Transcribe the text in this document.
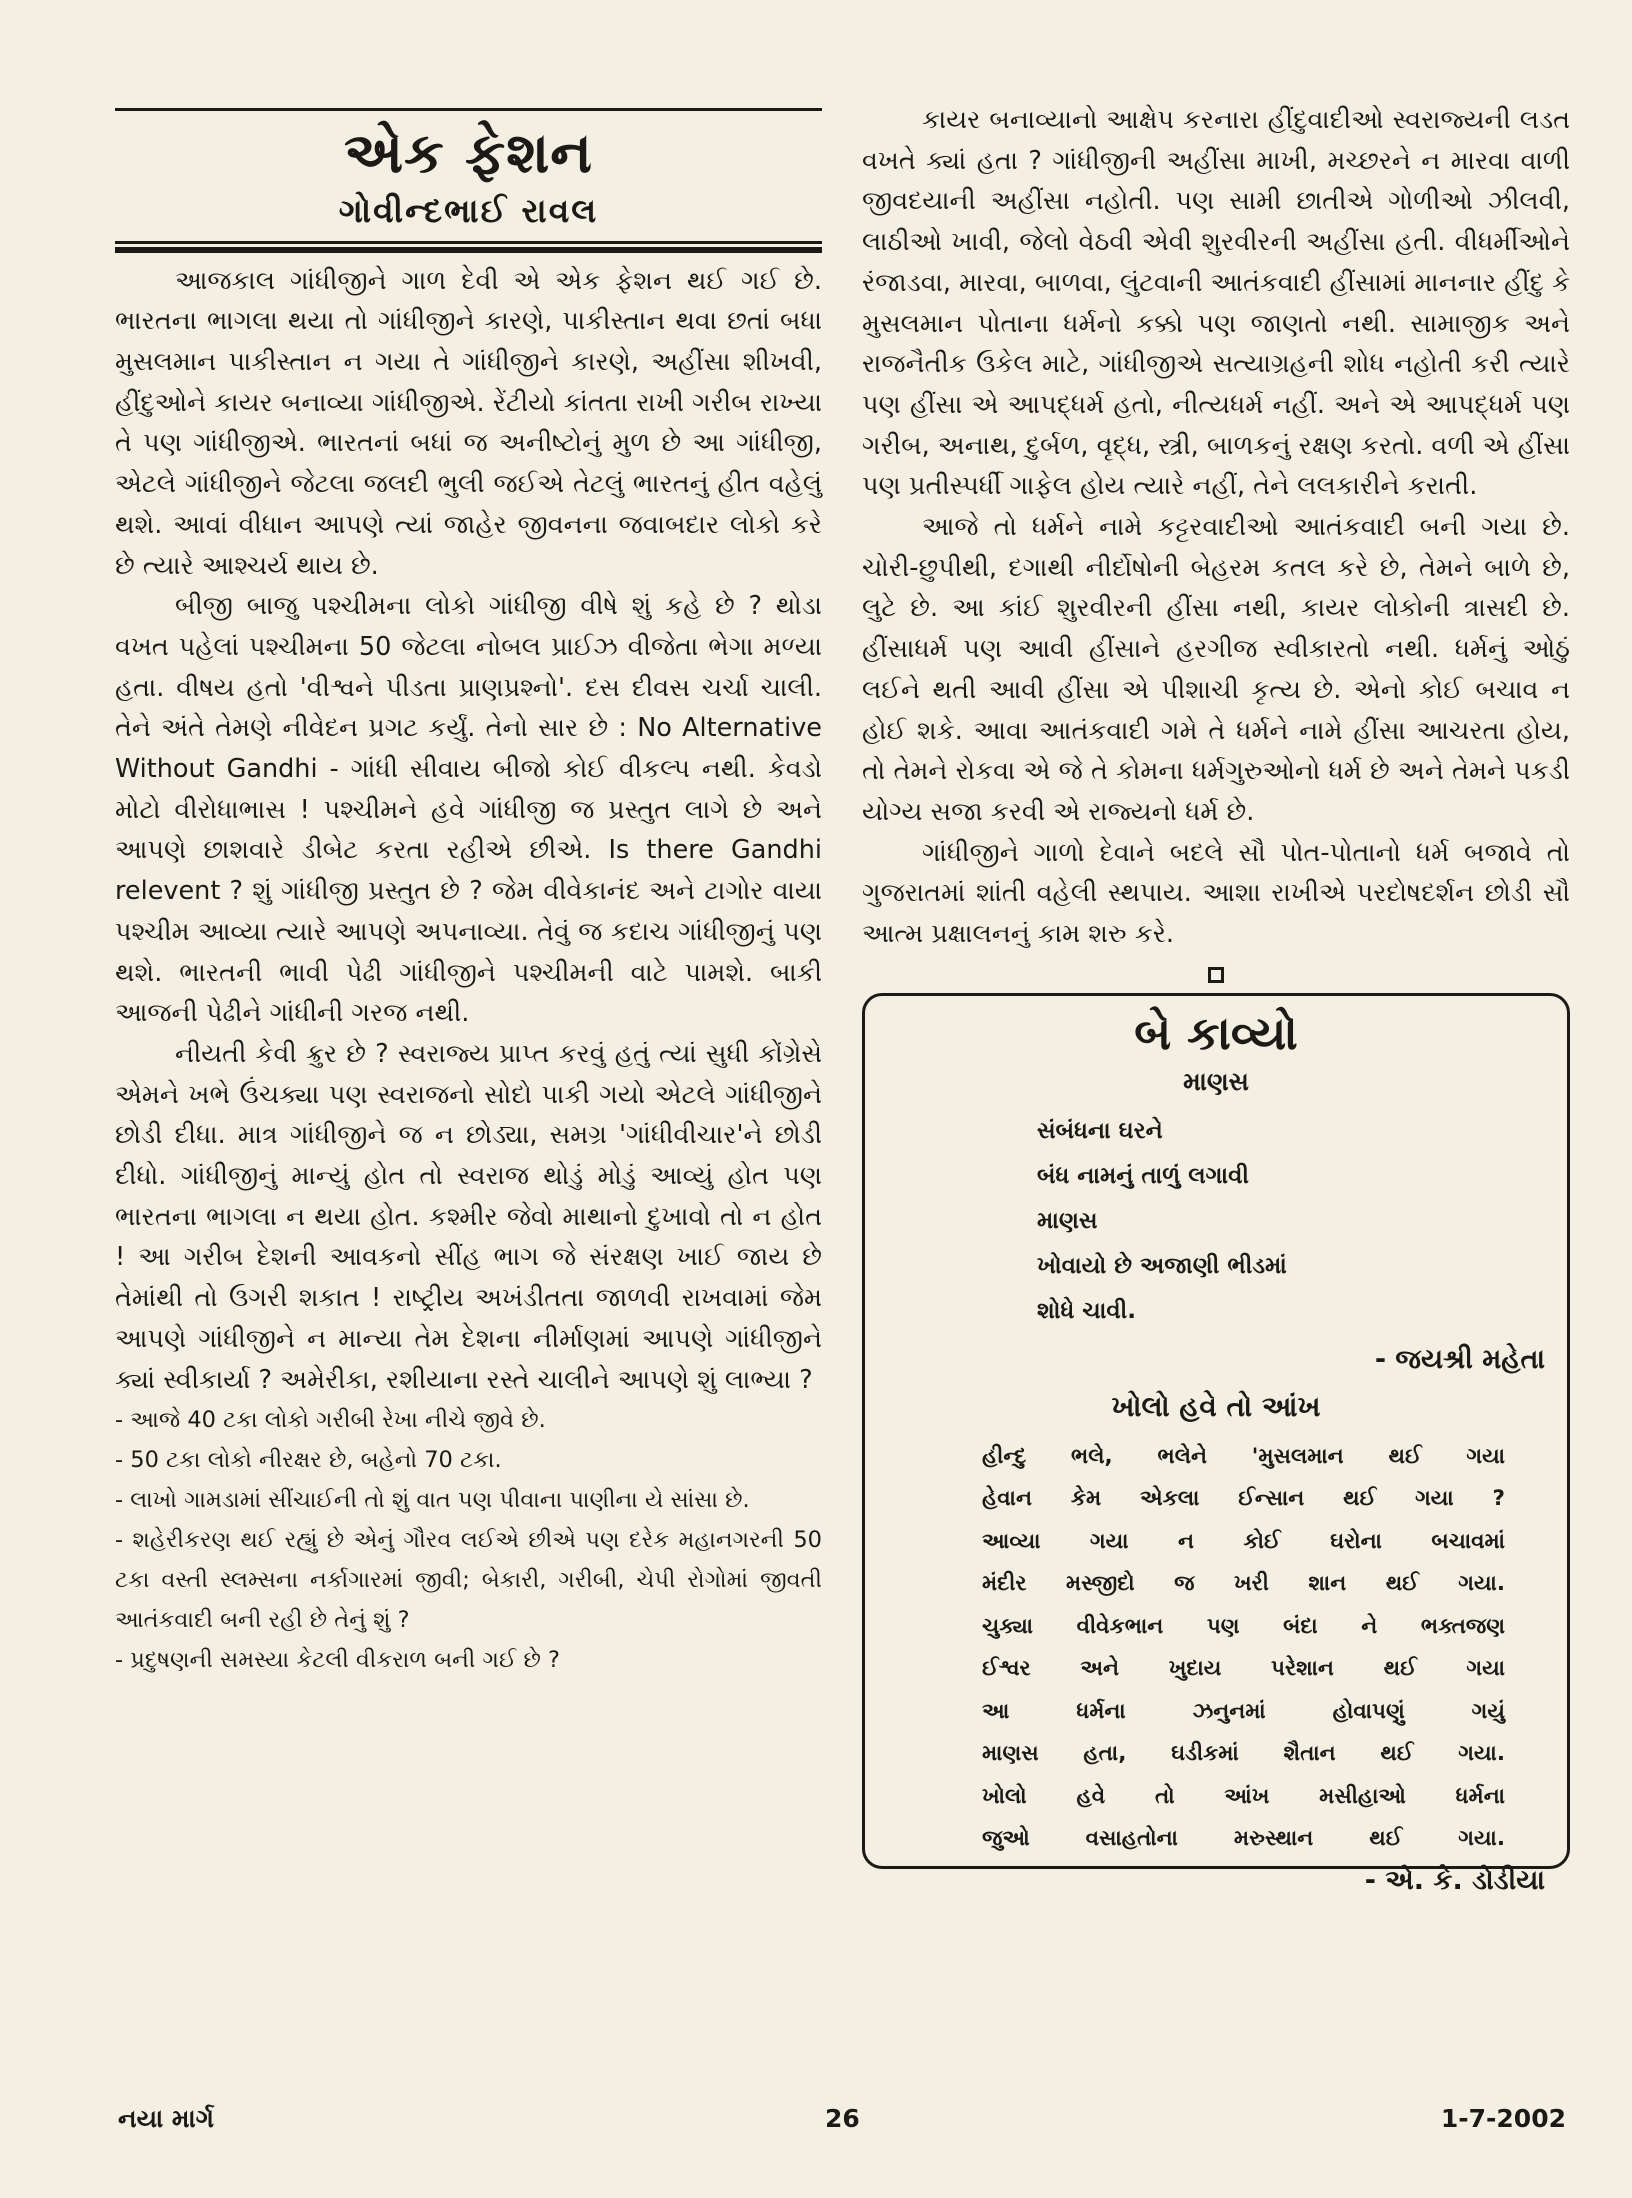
એક ફેશન
ગોવીન્દભાઈ રાવલ

આજકાલ ગાંધીજીને ગાળ દેવી એ એક ફેશન થઈ ગઈ છે. ભારતના ભાગલા થયા તો ગાંધીજીને કારણે, પાકીસ્તાન થવા છતાં બધા મુસલમાન પાકીસ્તાન ન ગયા તે ગાંધીજીને કારણે, અહીંસા શીખવી, હીંદુઓને કાયર બનાવ્યા ગાંધીજીએ. રેંટીયો કાંતતા રાખી ગરીબ રાખ્યા તે પણ ગાંધીજીએ. ભારતનાં બધાં જ અનીષ્ટોનું મુળ છે આ ગાંધીજી, એટલે ગાંધીજીને જેટલા જલદી ભુલી જઈએ તેટલું ભારતનું હીત વહેલું થશે. આવાં વીધાન આપણે ત્યાં જાહેર જીવનના જવાબદાર લોકો કરે છે ત્યારે આશ્ચર્ય થાય છે.

બીજી બાજુ પશ્ચીમના લોકો ગાંધીજી વીષે શું કહે છે ? થોડા વખત પહેલાં પશ્ચીમના 50 જેટલા નોબલ પ્રાઈઝ વીજેતા ભેગા મળ્યા હતા. વીષય હતો 'વીશ્વને પીડતા પ્રાણપ્રશ્નો'. દસ દીવસ ચર્ચા ચાલી. તેને અંતે તેમણે નીવેદન પ્રગટ કર્યું. તેનો સાર છે : No Alternative Without Gandhi - ગાંધી સીવાય બીજો કોઈ વીકલ્પ નથી. કેવડો મોટો વીરોધાભાસ ! પશ્ચીમને હવે ગાંધીજી જ પ્રસ્તુત લાગે છે અને આપણે છાશવારે ડીબેટ કરતા રહીએ છીએ. Is there Gandhi relevent ? શું ગાંધીજી પ્રસ્તુત છે ? જેમ વીવેકાનંદ અને ટાગોર વાયા પશ્ચીમ આવ્યા ત્યારે આપણે અપનાવ્યા. તેવું જ કદાચ ગાંધીજીનું પણ થશે. ભારતની ભાવી પેઢી ગાંધીજીને પશ્ચીમની વાટે પામશે. બાકી આજની પેઢીને ગાંધીની ગરજ નથી.

નીયતી કેવી ક્રુર છે ? સ્વરાજ્ય પ્રાપ્ત કરવું હતું ત્યાં સુધી કોંગ્રેસે એમને ખભે ઉંચક્યા પણ સ્વરાજનો સોદો પાકી ગયો એટલે ગાંધીજીને છોડી દીધા. માત્ર ગાંધીજીને જ ન છોડ્યા, સમગ્ર 'ગાંધીવીચાર'ને છોડી દીધો. ગાંધીજીનું માન્યું હોત તો સ્વરાજ થોડું મોડું આવ્યું હોત પણ ભારતના ભાગલા ન થયા હોત. કશ્મીર જેવો માથાનો દુખાવો તો ન હોત ! આ ગરીબ દેશની આવકનો સીંહ ભાગ જે સંરક્ષણ ખાઈ જાય છે તેમાંથી તો ઉગરી શકાત ! રાષ્ટ્રીય અખંડીતતા જાળવી રાખવામાં જેમ આપણે ગાંધીજીને ન માન્યા તેમ દેશના નીર્માણમાં આપણે ગાંધીજીને ક્યાં સ્વીકાર્યા ? અમેરીકા, રશીયાના રસ્તે ચાલીને આપણે શું લાભ્યા ?

- આજે 40 ટકા લોકો ગરીબી રેખા નીચે જીવે છે.

- 50 ટકા લોકો નીરક્ષર છે, બહેનો 70 ટકા.

- લાખો ગામડામાં સીંચાઈની તો શું વાત પણ પીવાના પાણીના યે સાંસા છે.

- શહેરીકરણ થઈ રહ્યું છે એનું ગૌરવ લઈએ છીએ પણ દરેક મહાનગરની 50 ટકા વસ્તી સ્લમ્સના નર્કાગારમાં જીવી; બેકારી, ગરીબી, ચેપી રોગોમાં જીવતી આતંકવાદી બની રહી છે તેનું શું ?

- પ્રદુષણની સમસ્યા કેટલી વીકરાળ બની ગઈ છે ?

કાયર બનાવ્યાનો આક્ષેપ કરનારા હીંદુવાદીઓ સ્વરાજ્યની લડત વખતે ક્યાં હતા ? ગાંધીજીની અહીંસા માખી, મચ્છરને ન મારવા વાળી જીવદયાની અહીંસા નહોતી. પણ સામી છાતીએ ગોળીઓ ઝીલવી, લાઠીઓ ખાવી, જેલો વેઠવી એવી શુરવીરની અહીંસા હતી. વીધર્મીઓને રંજાડવા, મારવા, બાળવા, લુંટવાની આતંકવાદી હીંસામાં માનનાર હીંદુ કે મુસલમાન પોતાના ધર્મનો કક્કો પણ જાણતો નથી. સામાજીક અને રાજનૈતીક ઉકેલ માટે, ગાંધીજીએ સત્યાગ્રહની શોધ નહોતી કરી ત્યારે પણ હીંસા એ આપદ્ધર્મ હતો, નીત્યધર્મ નહીં. અને એ આપદ્ધર્મ પણ ગરીબ, અનાથ, દુર્બળ, વૃદ્ધ, સ્ત્રી, બાળકનું રક્ષણ કરતો. વળી એ હીંસા પણ પ્રતીસ્પર્ધી ગાફેલ હોય ત્યારે નહીં, તેને લલકારીને કરાતી.

આજે તો ધર્મને નામે કટ્ટરવાદીઓ આતંકવાદી બની ગયા છે. ચોરી-છુપીથી, દગાથી નીર્દોષોની બેહરમ કતલ કરે છે, તેમને બાળે છે, લુટે છે. આ કાંઈ શુરવીરની હીંસા નથી, કાયર લોકોની ત્રાસદી છે. હીંસાધર્મ પણ આવી હીંસાને હરગીજ સ્વીકારતો નથી. ધર્મનું ઓઠું લઈને થતી આવી હીંસા એ પીશાચી કૃત્ય છે. એનો કોઈ બચાવ ન હોઈ શકે. આવા આતંકવાદી ગમે તે ધર્મને નામે હીંસા આચરતા હોય, તો તેમને રોકવા એ જે તે કોમના ધર્મગુરુઓનો ધર્મ છે અને તેમને પકડી યોગ્ય સજા કરવી એ રાજ્યનો ધર્મ છે.

ગાંધીજીને ગાળો દેવાને બદલે સૌ પોત-પોતાનો ધર્મ બજાવે તો ગુજરાતમાં શાંતી વહેલી સ્થપાય. આશા રાખીએ પરદોષદર્શન છોડી સૌ આત્મ પ્રક્ષાલનનું કામ શરુ કરે.

બે કાવ્યો
માણસ
સંબંધના ઘરને
બંધ નામનું તાળું લગાવી
માણસ
ખોવાયો છે અજાણી ભીડમાં
શોધે ચાવી.
- જયશ્રી મહેતા
ખોલો હવે તો આંખ
હીન્દુ ભલે, ભલેને 'મુસલમાન થઈ ગયા
હેવાન કેમ એકલા ઈન્સાન થઈ ગયા ?
આવ્યા ગયા ન કોઈ ઘરોના બચાવમાં
મંદીર મસ્જીદો જ ખરી શાન થઈ ગયા.
ચુક્યા વીવેકભાન પણ બંદા ને ભક્તજણ
ઈશ્વર અને ખુદાય પરેશાન થઈ ગયા
આ ધર્મના ઝનુનમાં હોવાપણું ગયું
માણસ હતા, ઘડીકમાં શૈતાન થઈ ગયા.
ખોલો હવે તો આંખ મસીહાઓ ધર્મના
જુઓ વસાહતોના મરુસ્થાન થઈ ગયા.
- એ. કે. ડોડીયા
નયા માર્ગ	26	1-7-2002
